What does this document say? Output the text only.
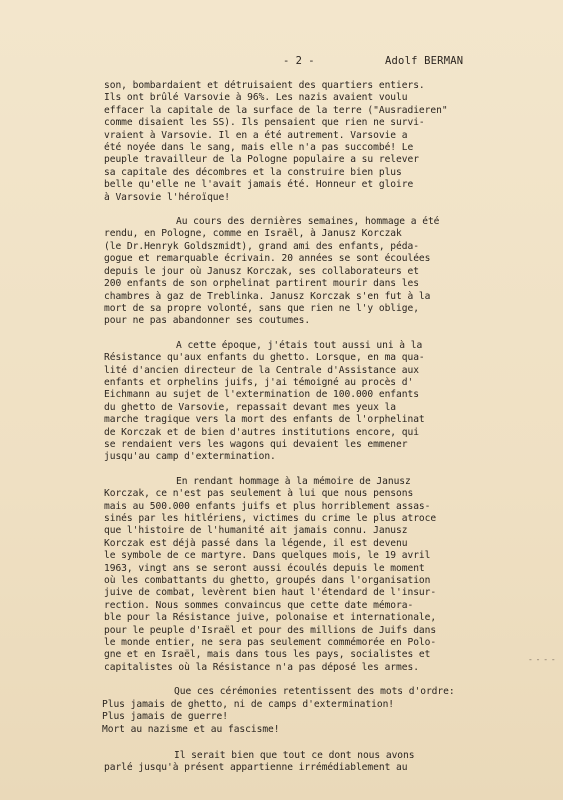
- 2 -	Adolf BERMAN
son, bombardaient et détruisaient des quartiers entiers.
Ils ont brûlé Varsovie à 96%. Les nazis avaient voulu
effacer la capitale de la surface de la terre ("Ausradieren"
comme disaient les SS). Ils pensaient que rien ne survi-
vraient à Varsovie. Il en a été autrement. Varsovie a
été noyée dans le sang, mais elle n'a pas succombé! Le
peuple travailleur de la Pologne populaire a su relever
sa capitale des décombres et la construire bien plus
belle qu'elle ne l'avait jamais été. Honneur et gloire
à Varsovie l'héroïque!
Au cours des dernières semaines, hommage a été
rendu, en Pologne, comme en Israël, à Janusz Korczak
(le Dr.Henryk Goldszmidt), grand ami des enfants, péda-
gogue et remarquable écrivain. 20 années se sont écoulées
depuis le jour où Janusz Korczak, ses collaborateurs et
200 enfants de son orphelinat partirent mourir dans les
chambres à gaz de Treblinka. Janusz Korczak s'en fut à la
mort de sa propre volonté, sans que rien ne l'y oblige,
pour ne pas abandonner ses coutumes.
A cette époque, j'étais tout aussi uni à la
Résistance qu'aux enfants du ghetto. Lorsque, en ma qua-
lité d'ancien directeur de la Centrale d'Assistance aux
enfants et orphelins juifs, j'ai témoigné au procès d'
Eichmann au sujet de l'extermination de 100.000 enfants
du ghetto de Varsovie, repassait devant mes yeux la
marche tragique vers la mort des enfants de l'orphelinat
de Korczak et de bien d'autres institutions encore, qui
se rendaient vers les wagons qui devaient les emmener
jusqu'au camp d'extermination.
En rendant hommage à la mémoire de Janusz
Korczak, ce n'est pas seulement à lui que nous pensons
mais au 500.000 enfants juifs et plus horriblement assas-
sinés par les hitlériens, victimes du crime le plus atroce
que l'histoire de l'humanité ait jamais connu. Janusz
Korczak est déjà passé dans la légende, il est devenu
le symbole de ce martyre. Dans quelques mois, le 19 avril
1963, vingt ans se seront aussi écoulés depuis le moment
où les combattants du ghetto, groupés dans l'organisation
juive de combat, levèrent bien haut l'étendard de l'insur-
rection. Nous sommes convaincus que cette date mémora-
ble pour la Résistance juive, polonaise et internationale,
pour le peuple d'Israël et pour des millions de Juifs dans
le monde entier, ne sera pas seulement commémorée en Polo-
gne et en Israël, mais dans tous les pays, socialistes et
capitalistes où la Résistance n'a pas déposé les armes.
Que ces cérémonies retentissent des mots d'ordre:
Plus jamais de ghetto, ni de camps d'extermination!
Plus jamais de guerre!
Mort au nazisme et au fascisme!
Il serait bien que tout ce dont nous avons
parlé jusqu'à présent appartienne irrémédiablement au
- - - -
